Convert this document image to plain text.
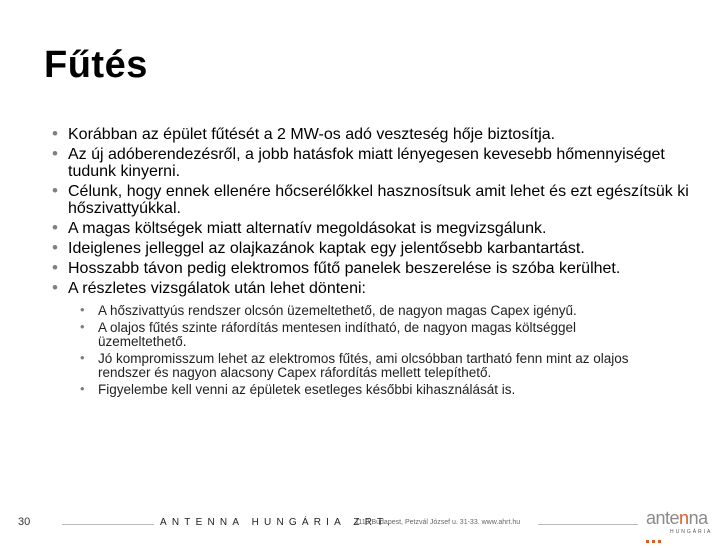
Fűtés
• Korábban az épület fűtését a 2 MW-os adó veszteség hője biztosítja.
• Az új adóberendezésről, a jobb hatásfok miatt lényegesen kevesebb hőmennyiséget tudunk kinyerni.
• Célunk, hogy ennek ellenére hőcserélőkkel hasznosítsuk amit lehet és ezt egészítsük ki hőszivattyúkkal.
• A magas költségek miatt alternatív megoldásokat is megvizsgálunk.
• Ideiglenes jelleggel az olajkazánok kaptak egy jelentősebb karbantartást.
• Hosszabb távon pedig elektromos fűtő panelek beszerelése is szóba kerülhet.
• A részletes vizsgálatok után lehet dönteni:
• A hőszivattyús rendszer olcsón üzemeltethető, de nagyon magas Capex igényű.
• A olajos fűtés szinte ráfordítás mentesen indítható, de nagyon magas költséggel üzemeltethető.
• Jó kompromisszum lehet az elektromos fűtés, ami olcsóbban tartható fenn mint az olajos rendszer és nagyon alacsony Capex ráfordítás mellett telepíthető.
• Figyelembe kell venni az épületek esetleges későbbi kihasználását is.
30	ANTENNA HUNGÁRIA ZRT.
1119 Budapest, Petzvál József u. 31-33. www.ahrt.hu	antenna
HUNGÁRIA
